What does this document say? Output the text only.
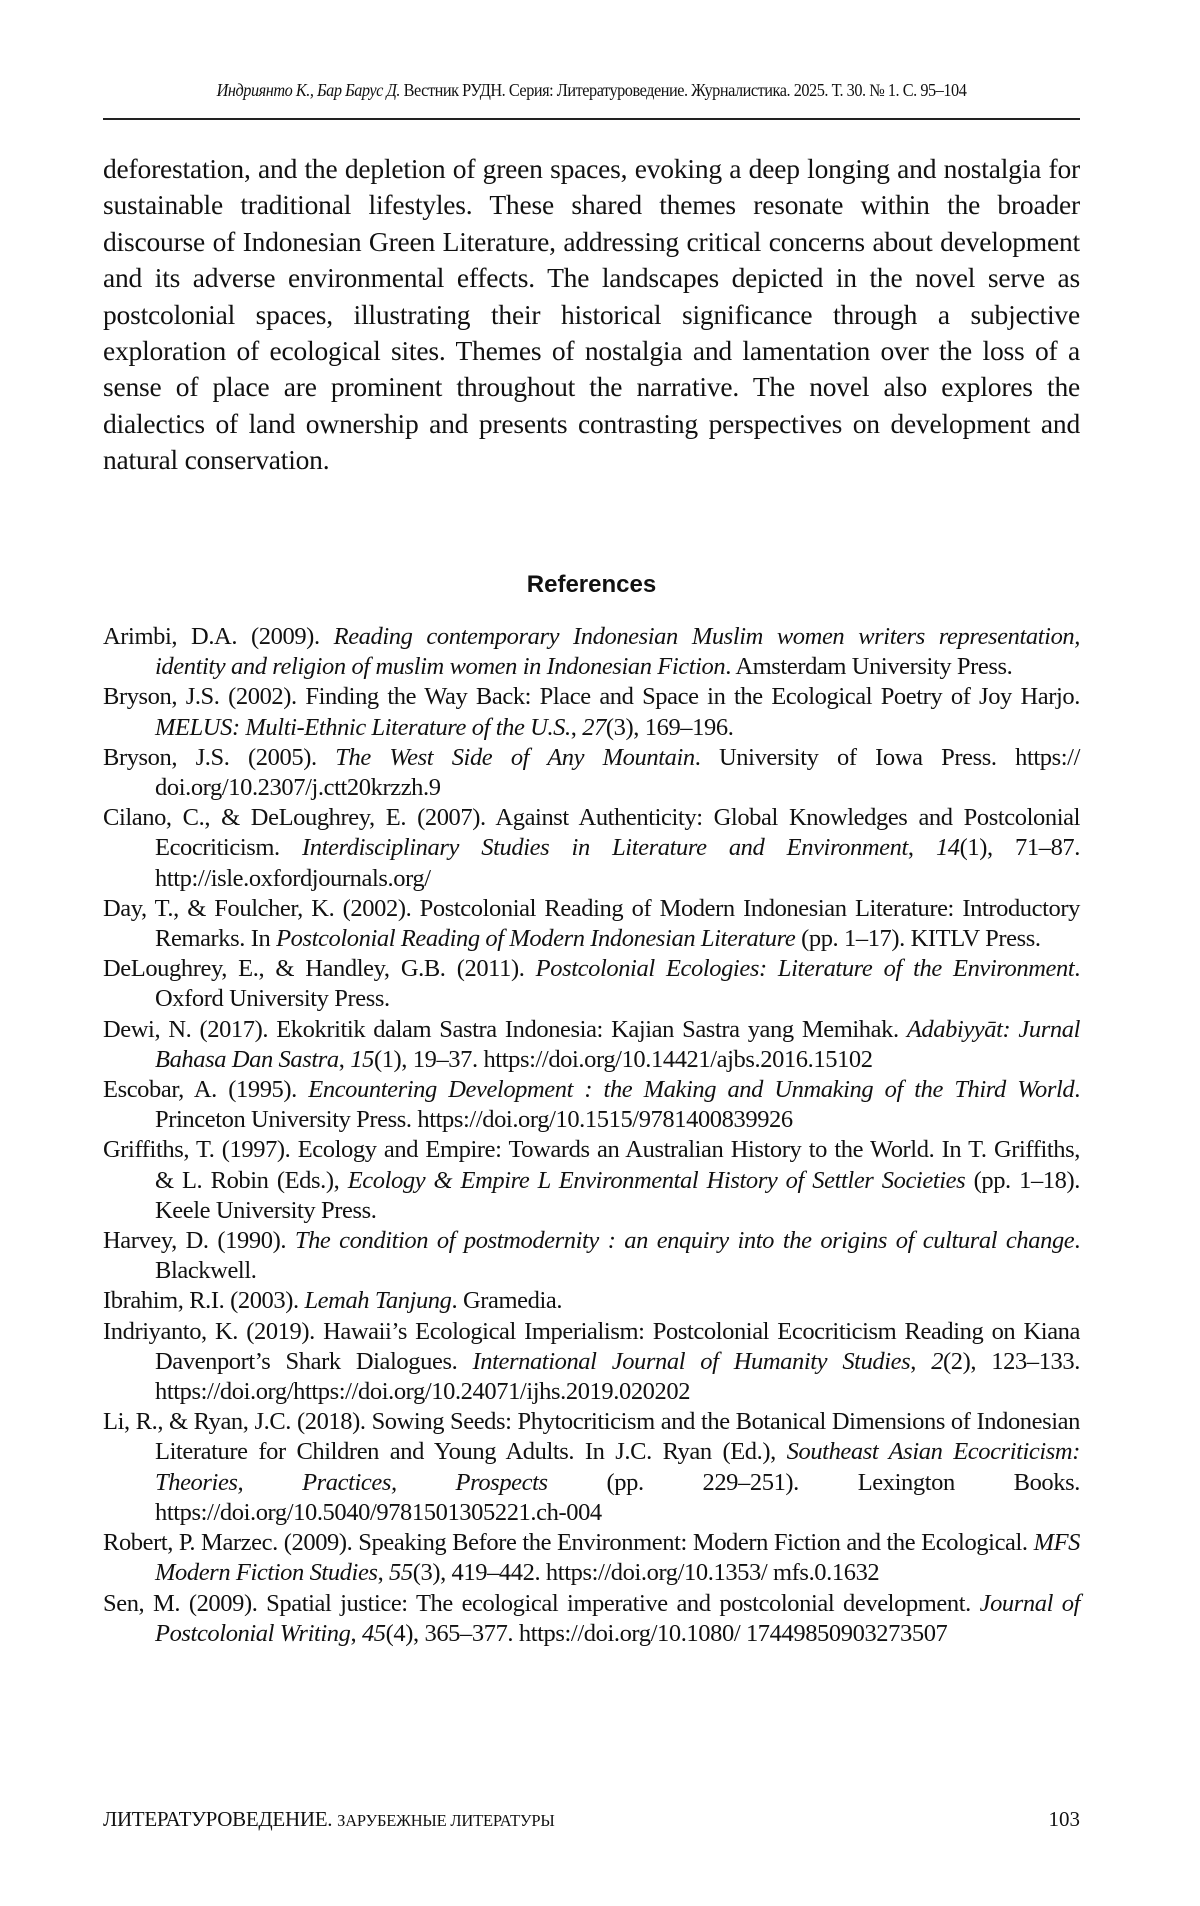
Индриянто К., Бар Барус Д. Вестник РУДН. Серия: Литературоведение. Журналистика. 2025. Т. 30. № 1. С. 95–104

deforestation, and the depletion of green spaces, evoking a deep longing and nostalgia for sustainable traditional lifestyles. These shared themes resonate within the broader discourse of Indonesian Green Literature, addressing critical concerns about development and its adverse environmental effects. The landscapes depicted in the novel serve as postcolonial spaces, illustrating their historical significance through a subjective exploration of ecological sites. Themes of nostalgia and lamentation over the loss of a sense of place are prominent throughout the narrative. The novel also explores the dialectics of land ownership and presents contrasting perspectives on development and natural conservation.

References
Arimbi, D.A. (2009). Reading contemporary Indonesian Muslim women writers representation, identity and religion of muslim women in Indonesian Fiction. Amsterdam University Press.
Bryson, J.S. (2002). Finding the Way Back: Place and Space in the Ecological Poetry of Joy Harjo. MELUS: Multi-Ethnic Literature of the U.S., 27(3), 169–196.
Bryson, J.S. (2005). The West Side of Any Mountain. University of Iowa Press. https:// doi.org/10.2307/j.ctt20krzzh.9
Cilano, C., & DeLoughrey, E. (2007). Against Authenticity: Global Knowledges and Postcolonial Ecocriticism. Interdisciplinary Studies in Literature and Environment, 14(1), 71–87. http://isle.oxfordjournals.org/
Day, T., & Foulcher, K. (2002). Postcolonial Reading of Modern Indonesian Literature: Introductory Remarks. In Postcolonial Reading of Modern Indonesian Literature (pp. 1–17). KITLV Press.
DeLoughrey, E., & Handley, G.B. (2011). Postcolonial Ecologies: Literature of the Environment. Oxford University Press.
Dewi, N. (2017). Ekokritik dalam Sastra Indonesia: Kajian Sastra yang Memihak. Adabiyyāt: Jurnal Bahasa Dan Sastra, 15(1), 19–37. https://doi.org/10.14421/ajbs.2016.15102
Escobar, A. (1995). Encountering Development : the Making and Unmaking of the Third World. Princeton University Press. https://doi.org/10.1515/9781400839926
Griffiths, T. (1997). Ecology and Empire: Towards an Australian History to the World. In T. Griffiths, & L. Robin (Eds.), Ecology & Empire L Environmental History of Settler Societies (pp. 1–18). Keele University Press.
Harvey, D. (1990). The condition of postmodernity : an enquiry into the origins of cultural change. Blackwell.
Ibrahim, R.I. (2003). Lemah Tanjung. Gramedia.
Indriyanto, K. (2019). Hawaii’s Ecological Imperialism: Postcolonial Ecocriticism Reading on Kiana Davenport’s Shark Dialogues. International Journal of Humanity Studies, 2(2), 123–133. https://doi.org/https://doi.org/10.24071/ijhs.2019.020202
Li, R., & Ryan, J.C. (2018). Sowing Seeds: Phytocriticism and the Botanical Dimensions of Indonesian Literature for Children and Young Adults. In J.C. Ryan (Ed.), Southeast Asian Ecocriticism: Theories, Practices, Prospects (pp. 229–251). Lexington Books. https://doi.org/10.5040/9781501305221.ch-004
Robert, P. Marzec. (2009). Speaking Before the Environment: Modern Fiction and the Ecological. MFS Modern Fiction Studies, 55(3), 419–442. https://doi.org/10.1353/ mfs.0.1632
Sen, M. (2009). Spatial justice: The ecological imperative and postcolonial development. Journal of Postcolonial Writing, 45(4), 365–377. https://doi.org/10.1080/ 17449850903273507
ЛИТЕРАТУРОВЕДЕНИЕ. ЗАРУБЕЖНЫЕ ЛИТЕРАТУРЫ	103
